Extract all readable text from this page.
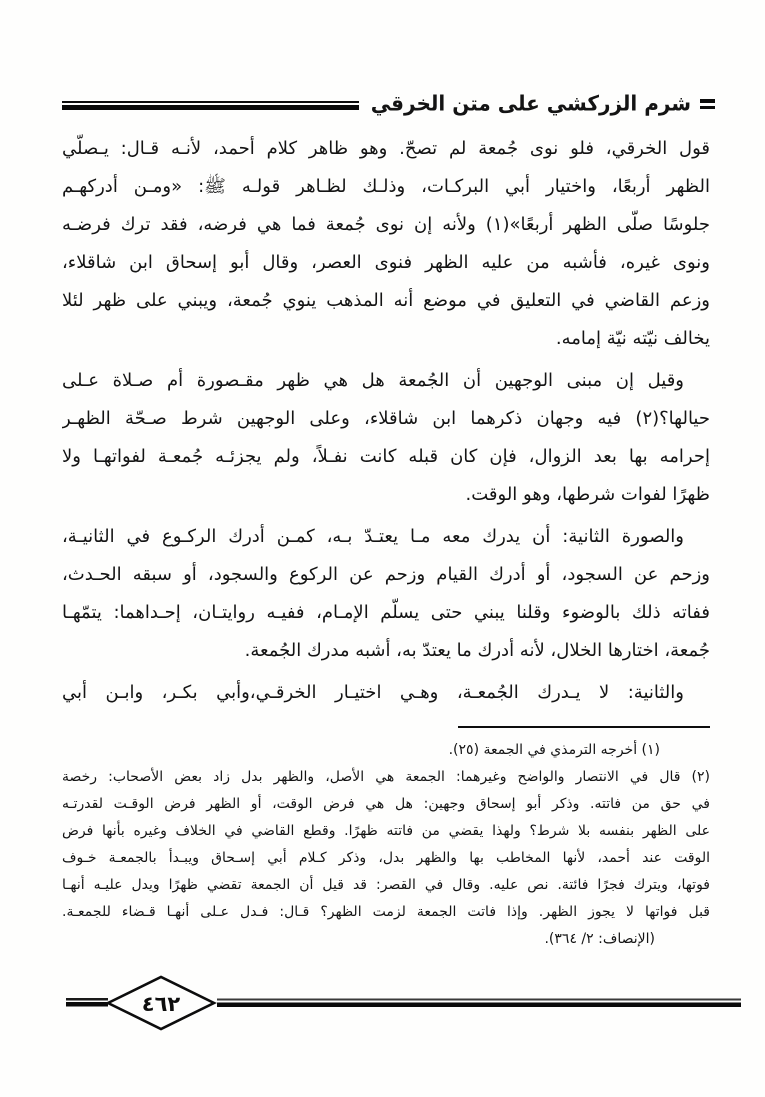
شرم الزركشي على متن الخرقي
قول الخرقي، فلو نوى جُمعة لم تصحّ. وهو ظاهر كلام أحمد، لأنـه قـال: يـصلّي
الظهر أربعًا، واختيار أبي البركـات، وذلـك لظـاهر قولـه ﷺ: «ومـن أدركهـم
جلوسًا صلّى الظهر أربعًا»(١) ولأنه إن نوى جُمعة فما هي فرضه، فقد ترك فرضـه
ونوى غيره، فأشبه من عليه الظهر فنوى العصر، وقال أبو إسحاق ابن شاقلاء،
وزعم القاضي في التعليق في موضع أنه المذهب ينوي جُمعة، ويبني على ظهر لئلا
يخالف نيّته نيّة إمامه.
وقيل إن مبنى الوجهين أن الجُمعة هل هي ظهر مقـصورة أم صـلاة عـلى
حيالها؟(٢) فيه وجهان ذكرهما ابن شاقلاء، وعلى الوجهين شرط صـحّة الظهـر
إحرامه بها بعد الزوال، فإن كان قبله كانت نفـلاً، ولم يجزئـه جُمعـة لفواتهـا ولا
ظهرًا لفوات شرطها، وهو الوقت.
والصورة الثانية: أن يدرك معه مـا يعتـدّ بـه، كمـن أدرك الركـوع في الثانيـة،
وزحم عن السجود، أو أدرك القيام وزحم عن الركوع والسجود، أو سبقه الحـدث،
ففاته ذلك بالوضوء وقلنا يبني حتى يسلّم الإمـام، ففيـه روايتـان، إحـداهما: يتمّهـا
جُمعة، اختارها الخلال، لأنه أدرك ما يعتدّ به، أشبه مدرك الجُمعة.
والثانية: لا يـدرك الجُمعـة، وهـي اختيـار الخرقـي،وأبي بكـر، وابـن أبي
(١) أخرجه الترمذي في الجمعة (٢٥).
(٢) قال في الانتصار والواضح وغيرهما: الجمعة هي الأصل، والظهر بدل زاد بعض الأصحاب: رخصة
في حق من فاتته. وذكر أبو إسحاق وجهين: هل هي فرض الوقت، أو الظهر فرض الوقـت لقدرتـه
على الظهر بنفسه بلا شرط؟ ولهذا يقضي من فاتته ظهرًا. وقطع القاضي في الخلاف وغيره بأنها فرض
الوقت عند أحمد، لأنها المخاطب بها والظهر بدل، وذكر كـلام أبي إسـحاق ويبـدأ بالجمعـة خـوف
فوتها، ويترك فجرًا فائتة. نص عليه. وقال في القصر: قد قيل أن الجمعة تقضي ظهرًا ويدل عليـه أنهـا
قبل فواتها لا يجوز الظهر. وإذا فاتت الجمعة لزمت الظهر؟ قـال: فـدل عـلى أنهـا قـضاء للجمعـة.
(الإنصاف: ٢/ ٣٦٤).
٤٦٢
